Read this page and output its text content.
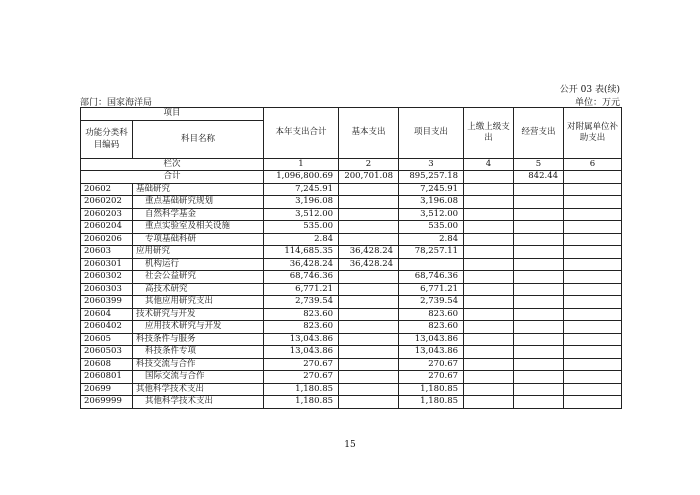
公开 03 表(续)
部门：国家海洋局	单位：万元
项目		本年支出合计	基本支出	项目支出	上缴上级支出	经营支出	对附属单位补助支出
功能分类科目编码	科目名称						
栏次		1	2	3	4	5	6
合计		1,096,800.69	200,701.08	895,257.18		842.44	
20602	基础研究	7,245.91		7,245.91			
2060202	重点基础研究规划	3,196.08		3,196.08			
2060203	自然科学基金	3,512.00		3,512.00			
2060204	重点实验室及相关设施	535.00		535.00			
2060206	专项基础科研	2.84		2.84			
20603	应用研究	114,685.35	36,428.24	78,257.11			
2060301	机构运行	36,428.24	36,428.24				
2060302	社会公益研究	68,746.36		68,746.36			
2060303	高技术研究	6,771.21		6,771.21			
2060399	其他应用研究支出	2,739.54		2,739.54			
20604	技术研究与开发	823.60		823.60			
2060402	应用技术研究与开发	823.60		823.60			
20605	科技条件与服务	13,043.86		13,043.86			
2060503	科技条件专项	13,043.86		13,043.86			
20608	科技交流与合作	270.67		270.67			
2060801	国际交流与合作	270.67		270.67			
20699	其他科学技术支出	1,180.85		1,180.85			
2069999	其他科学技术支出	1,180.85		1,180.85			
15
